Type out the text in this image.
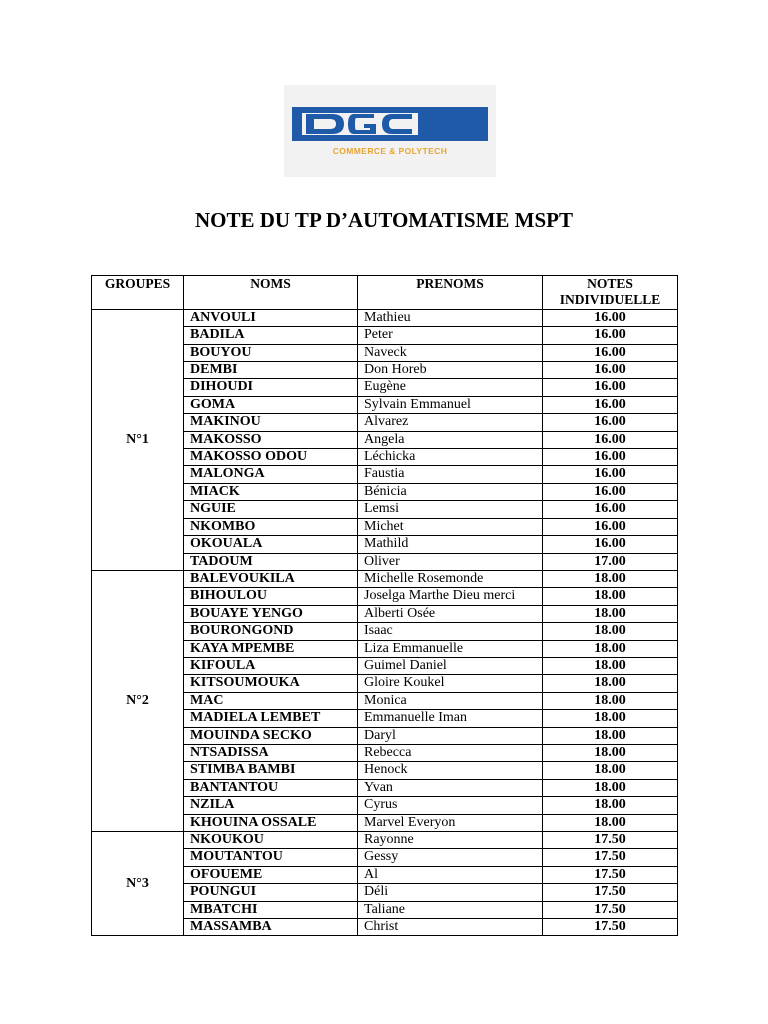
COMMERCE & POLYTECH
NOTE DU TP D’AUTOMATISME MSPT
GROUPES	NOMS	PRENOMS	NOTES
INDIVIDUELLE
N°1	ANVOULI	Mathieu	16.00
	BADILA	Peter	16.00
	BOUYOU	Naveck	16.00
	DEMBI	Don Horeb	16.00
	DIHOUDI	Eugène	16.00
	GOMA	Sylvain Emmanuel	16.00
	MAKINOU	Alvarez	16.00
	MAKOSSO	Angela	16.00
	MAKOSSO ODOU	Léchicka	16.00
	MALONGA	Faustia	16.00
	MIACK	Bénicia	16.00
	NGUIE	Lemsi	16.00
	NKOMBO	Michet	16.00
	OKOUALA	Mathild	16.00
	TADOUM	Oliver	17.00
N°2	BALEVOUKILA	Michelle Rosemonde	18.00
	BIHOULOU	Joselga Marthe Dieu merci	18.00
	BOUAYE YENGO	Alberti Osée	18.00
	BOURONGOND	Isaac	18.00
	KAYA MPEMBE	Liza Emmanuelle	18.00
	KIFOULA	Guimel Daniel	18.00
	KITSOUMOUKA	Gloire Koukel	18.00
	MAC	Monica	18.00
	MADIELA LEMBET	Emmanuelle Iman	18.00
	MOUINDA SECKO	Daryl	18.00
	NTSADISSA	Rebecca	18.00
	STIMBA BAMBI	Henock	18.00
	BANTANTOU	Yvan	18.00
	NZILA	Cyrus	18.00
	KHOUINA OSSALE	Marvel Everyon	18.00
N°3	NKOUKOU	Rayonne	17.50
	MOUTANTOU	Gessy	17.50
	OFOUEME	Al	17.50
	POUNGUI	Déli	17.50
	MBATCHI	Taliane	17.50
	MASSAMBA	Christ	17.50
